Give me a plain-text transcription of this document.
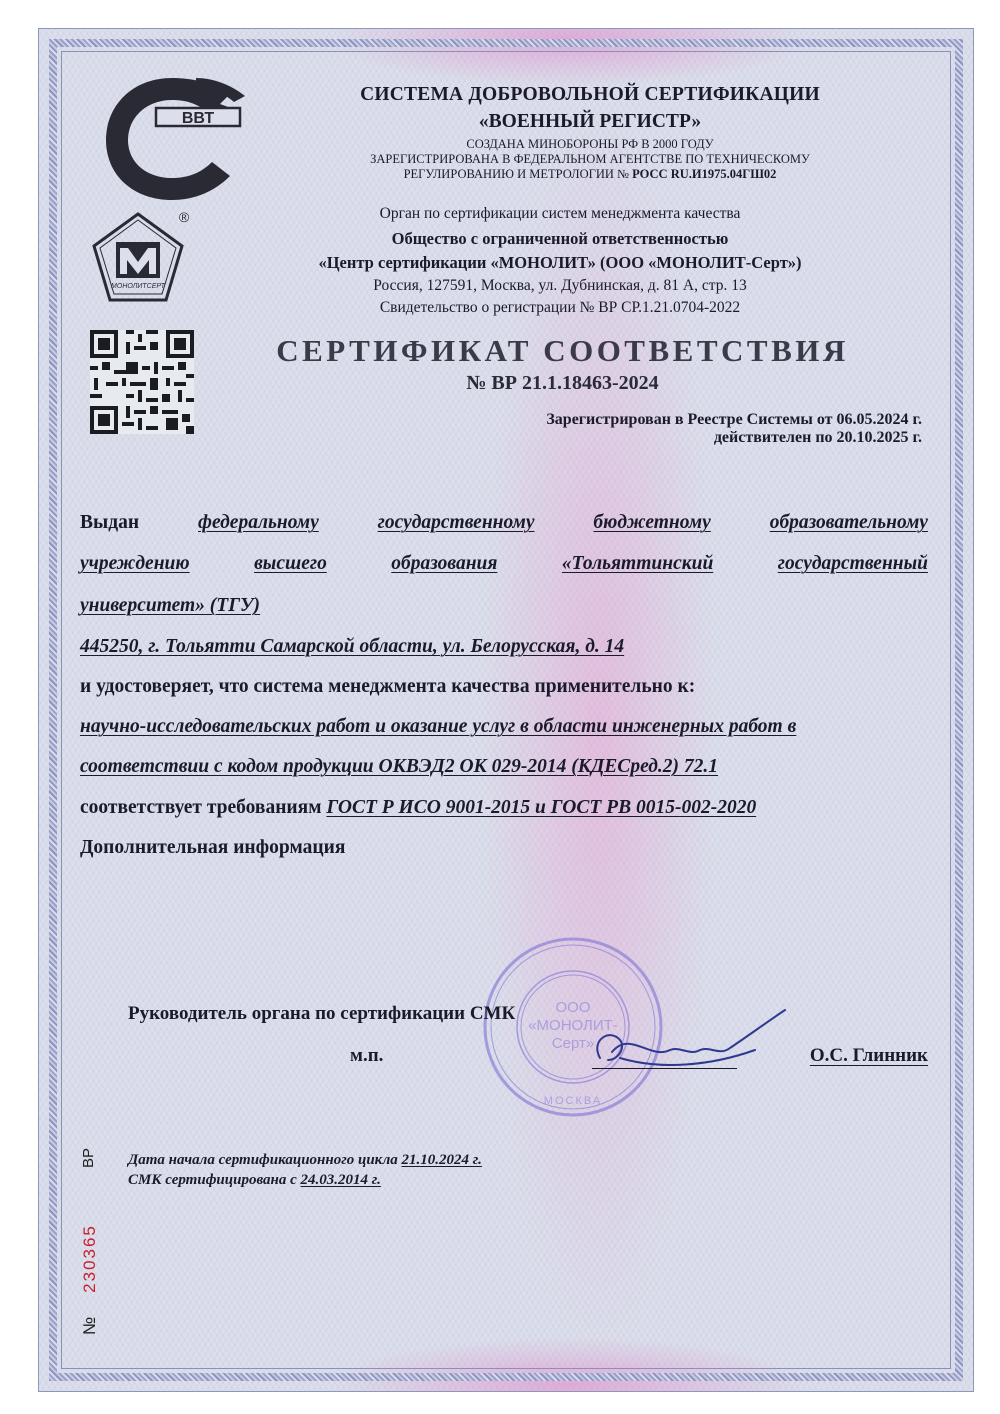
ВВТ
СИСТЕМА ДОБРОВОЛЬНОЙ СЕРТИФИКАЦИИ
«ВОЕННЫЙ РЕГИСТР»
СОЗДАНА МИНОБОРОНЫ РФ В 2000 ГОДУ
ЗАРЕГИСТРИРОВАНА В ФЕДЕРАЛЬНОМ АГЕНТСТВЕ ПО ТЕХНИЧЕСКОМУ
РЕГУЛИРОВАНИЮ И МЕТРОЛОГИИ № РОСС RU.И1975.04ГШ02
МОНОЛИТСЕРТ
®	Орган по сертификации систем менеджмента качества
Общество с ограниченной ответственностью
«Центр сертификации «МОНОЛИТ» (ООО «МОНОЛИТ-Серт»)
Россия, 127591, Москва, ул. Дубнинская, д. 81 А, стр. 13
Свидетельство о регистрации № ВР СР.1.21.0704-2022
СЕРТИФИКАТ СООТВЕТСТВИЯ
№ ВР 21.1.18463-2024
Зарегистрирован в Реестре Системы от 06.05.2024 г.
действителен по 20.10.2025 г.
Выдан	федеральному	государственному	бюджетному	образовательному
учреждению	высшего	образования	«Тольяттинский	государственный
университет» (ТГУ)
445250, г. Тольятти Самарской области, ул. Белорусская, д. 14
и удостоверяет, что система менеджмента качества применительно к:
научно-исследовательских работ и оказание услуг в области инженерных работ в
соответствии с кодом продукции ОКВЭД2 ОК 029-2014 (КДЕСред.2) 72.1
соответствует требованиям ГОСТ Р ИСО 9001-2015 и ГОСТ РВ 0015-002-2020
Дополнительная информация
ООО
«МОНОЛИТ-
Серт»
МОСКВА
Руководитель органа по сертификации СМК
м.п.	О.С. Глинник
Дата начала сертификационного цикла 21.10.2024 г.
СМК сертифицирована с 24.03.2014 г.
ВР
№    230365
